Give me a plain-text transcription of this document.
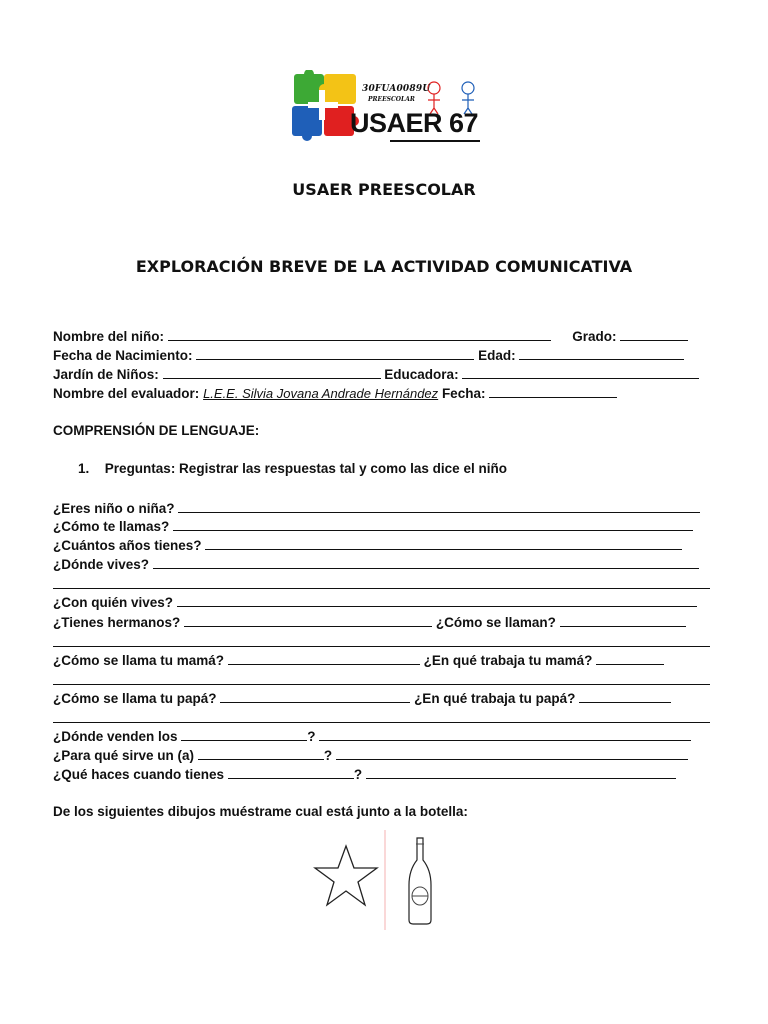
30FUA0089U
PREESCOLAR
USAER 67
USAER PREESCOLAR
EXPLORACIÓN BREVE DE LA ACTIVIDAD COMUNICATIVA
Nombre del niño:	Grado:
Fecha de Nacimiento:	Edad:
Jardín de Niños:	Educadora:
Nombre del evaluador: L.E.E. Silvia Jovana Andrade Hernández Fecha:
COMPRENSIÓN DE LENGUAJE:
1. Preguntas: Registrar las respuestas tal y como las dice el niño
¿Eres niño o niña?
¿Cómo te llamas?
¿Cuántos años tienes?
¿Dónde vives?
¿Con quién vives?
¿Tienes hermanos?	¿Cómo se llaman?
¿Cómo se llama tu mamá?	¿En qué trabaja tu mamá?
¿Cómo se llama tu papá?	¿En qué trabaja tu papá?
¿Dónde venden los	?
¿Para qué sirve un (a)	?
¿Qué haces cuando tienes	?
De los siguientes dibujos muéstrame cual está junto a la botella:
